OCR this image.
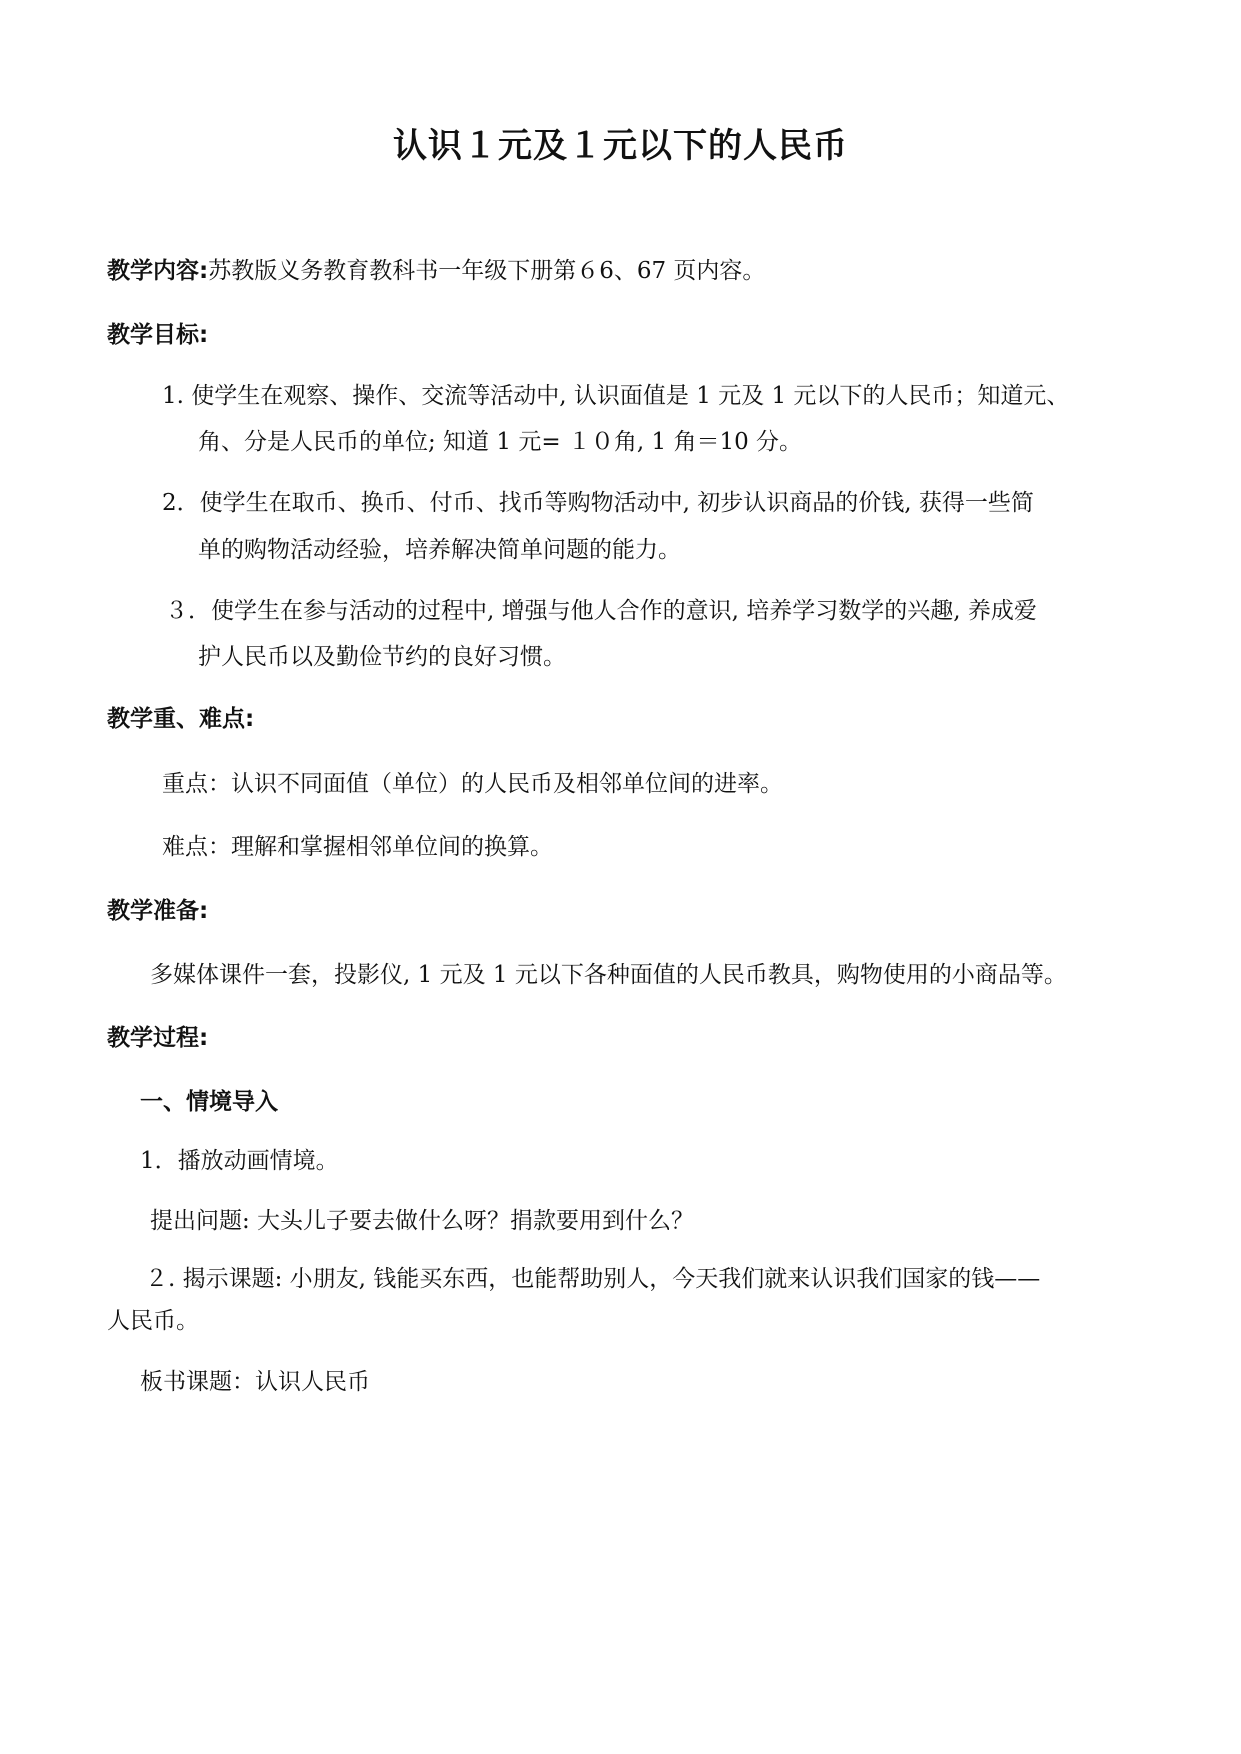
认识１元及１元以下的人民币
教学内容:苏教版义务教育教科书一年级下册第６6、67 页内容。
教学目标:
1. 使学生在观察、操作、交流等活动中, 认识面值是 1 元及 1 元以下的人民币；知道元、
角、分是人民币的单位; 知道 1 元= １０角, 1 角＝10 分。
2．使学生在取币、换币、付币、找币等购物活动中, 初步认识商品的价钱, 获得一些简
单的购物活动经验，培养解决简单问题的能力。
３．使学生在参与活动的过程中, 增强与他人合作的意识, 培养学习数学的兴趣, 养成爱
护人民币以及勤俭节约的良好习惯。
教学重、难点:
重点：认识不同面值（单位）的人民币及相邻单位间的进率。
难点：理解和掌握相邻单位间的换算。
教学准备:
多媒体课件一套，投影仪, 1 元及 1 元以下各种面值的人民币教具，购物使用的小商品等。
教学过程:
一、情境导入
1．播放动画情境。
提出问题: 大头儿子要去做什么呀？捐款要用到什么？
２. 揭示课题: 小朋友, 钱能买东西，也能帮助别人，今天我们就来认识我们国家的钱——
人民币。
板书课题：认识人民币
